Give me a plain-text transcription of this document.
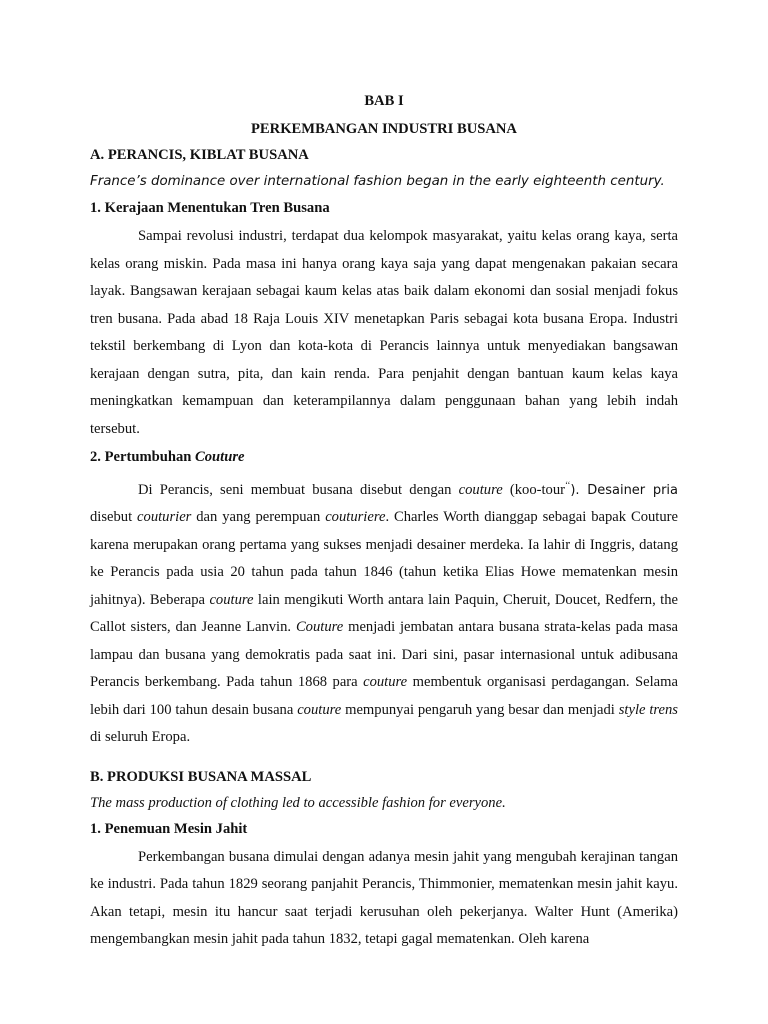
BAB I
PERKEMBANGAN INDUSTRI BUSANA
A. PERANCIS, KIBLAT BUSANA
France’s dominance over international fashion began in the early eighteenth century.
1. Kerajaan Menentukan Tren Busana

Sampai revolusi industri, terdapat dua kelompok masyarakat, yaitu kelas orang kaya, serta kelas orang miskin. Pada masa ini hanya orang kaya saja yang dapat mengenakan pakaian secara layak. Bangsawan kerajaan sebagai kaum kelas atas baik dalam ekonomi dan sosial menjadi fokus tren busana. Pada abad 18 Raja Louis XIV menetapkan Paris sebagai kota busana Eropa. Industri tekstil berkembang di Lyon dan kota-kota di Perancis lainnya untuk menyediakan bangsawan kerajaan dengan sutra, pita, dan kain renda. Para penjahit dengan bantuan kaum kelas kaya meningkatkan kemampuan dan keterampilannya dalam penggunaan bahan yang lebih indah tersebut.

2. Pertumbuhan Couture

Di Perancis, seni membuat busana disebut dengan couture (koo-tour‘‘). Desainer pria disebut couturier dan yang perempuan couturiere. Charles Worth dianggap sebagai bapak Couture karena merupakan orang pertama yang sukses menjadi desainer merdeka. Ia lahir di Inggris, datang ke Perancis pada usia 20 tahun pada tahun 1846 (tahun ketika Elias Howe mematenkan mesin jahitnya). Beberapa couture lain mengikuti Worth antara lain Paquin, Cheruit, Doucet, Redfern, the Callot sisters, dan Jeanne Lanvin. Couture menjadi jembatan antara busana strata-kelas pada masa lampau dan busana yang demokratis pada saat ini. Dari sini, pasar internasional untuk adibusana Perancis berkembang. Pada tahun 1868 para couture membentuk organisasi perdagangan. Selama lebih dari 100 tahun desain busana couture mempunyai pengaruh yang besar dan menjadi style trens di seluruh Eropa.

B. PRODUKSI BUSANA MASSAL
The mass production of clothing led to accessible fashion for everyone.
1. Penemuan Mesin Jahit

Perkembangan busana dimulai dengan adanya mesin jahit yang mengubah kerajinan tangan ke industri. Pada tahun 1829 seorang panjahit Perancis, Thimmonier, mematenkan mesin jahit kayu. Akan tetapi, mesin itu hancur saat terjadi kerusuhan oleh pekerjanya. Walter Hunt (Amerika) mengembangkan mesin jahit pada tahun 1832, tetapi gagal mematenkan. Oleh karena
